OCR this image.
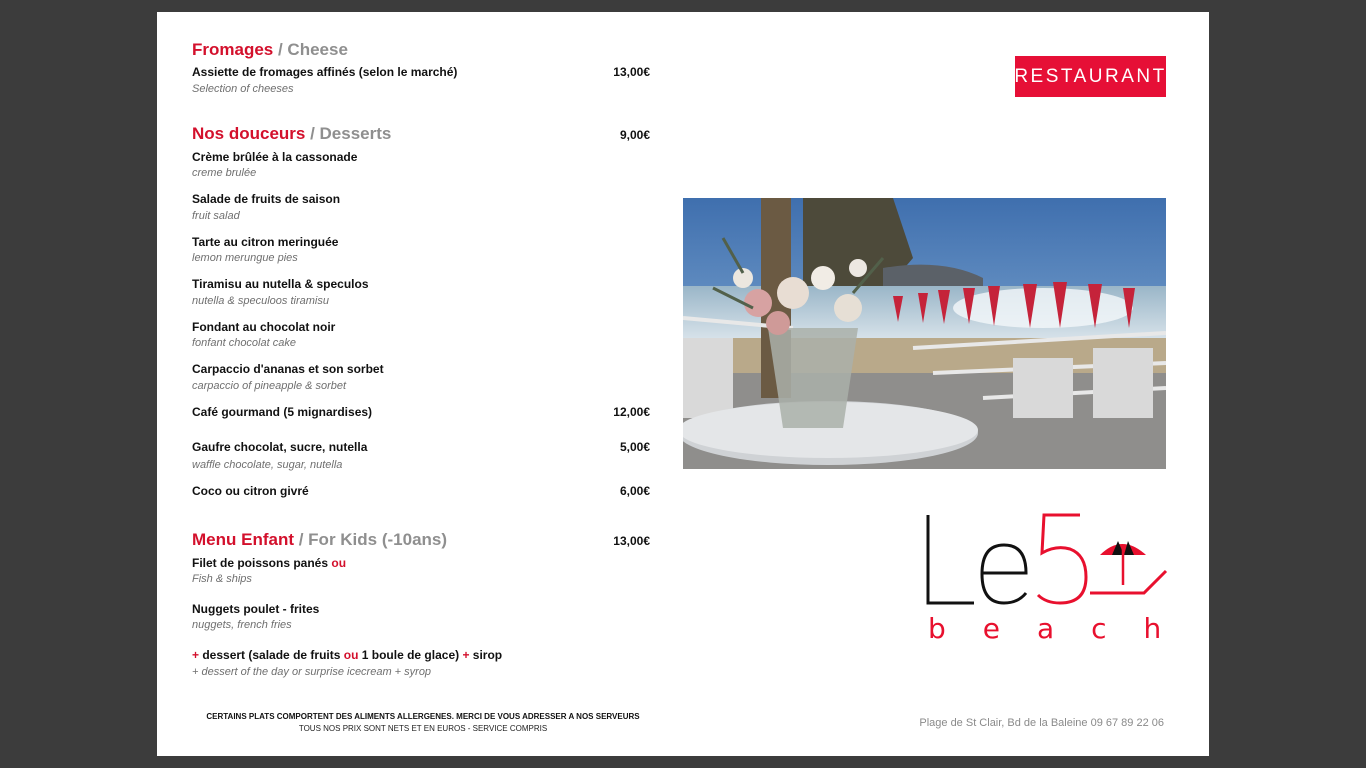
Fromages / Cheese
Assiette de fromages affinés (selon le marché)	13,00€
Selection of cheeses
Nos douceurs / Desserts	9,00€
Crème brûlée à la cassonade
creme brulée
Salade de fruits de saison
fruit salad
Tarte au citron meringuée
lemon merungue pies
Tiramisu au nutella & speculos
nutella & speculoos tiramisu
Fondant au chocolat noir
fonfant chocolat cake
Carpaccio d'ananas et son sorbet
carpaccio of pineapple & sorbet
Café gourmand (5 mignardises)	12,00€
Gaufre chocolat, sucre, nutella	5,00€
waffle chocolate, sugar, nutella
Coco ou citron givré	6,00€
Menu Enfant / For Kids (-10ans)	13,00€
Filet de poissons panés ou
Fish & ships
Nuggets poulet - frites
nuggets, french fries
+ dessert (salade de fruits ou 1 boule de glace) + sirop
+ dessert of the day or surprise icecream + syrop
CERTAINS PLATS COMPORTENT DES ALIMENTS ALLERGENES. MERCI DE VOUS ADRESSER A NOS SERVEURS
TOUS NOS PRIX SONT NETS ET EN EUROS - SERVICE COMPRIS	Plage de St Clair, Bd de la Baleine 09 67 89 22 06
RESTAURANT
beach
